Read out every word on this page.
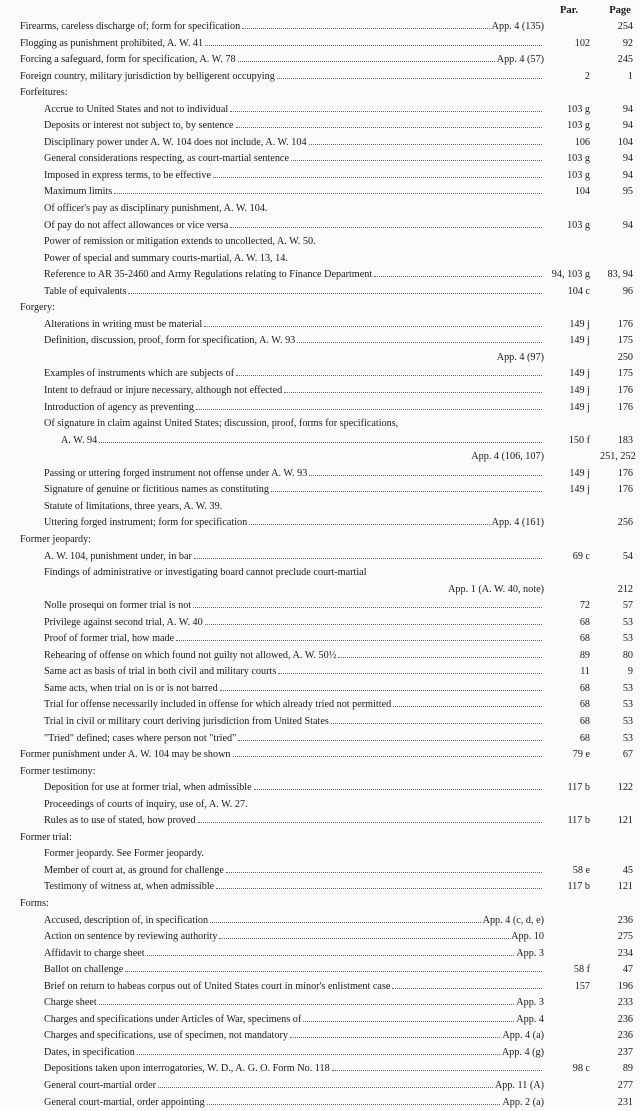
Par.	Page
Firearms, careless discharge of; form for specification	App. 4 (135)	254
Flogging as punishment prohibited, A. W. 41	102	92
Forcing a safeguard, form for specification, A. W. 78	App. 4 (57)	245
Foreign country, military jurisdiction by belligerent occupying	2	1
Forfeitures:
Accrue to United States and not to individual	103 g	94
Deposits or interest not subject to, by sentence	103 g	94
Disciplinary power under A. W. 104 does not include, A. W. 104	106	104
General considerations respecting, as court-martial sentence	103 g	94
Imposed in express terms, to be effective	103 g	94
Maximum limits	104	95
Of officer's pay as disciplinary punishment, A. W. 104.
Of pay do not affect allowances or vice versa	103 g	94
Power of remission or mitigation extends to uncollected, A. W. 50.
Power of special and summary courts-martial, A. W. 13, 14.
Reference to AR 35-2460 and Army Regulations relating to Finance Department	94, 103 g	83, 94
Table of equivalents	104 c	96
Forgery:
Alterations in writing must be material	149 j	176
Definition, discussion, proof, form for specification, A. W. 93	149 j	175
App. 4 (97)	250
Examples of instruments which are subjects of	149 j	175
Intent to defraud or injure necessary, although not effected	149 j	176
Introduction of agency as preventing	149 j	176
Of signature in claim against United States; discussion, proof, forms for specifications,
A. W. 94	150 f	183
App. 4 (106, 107)	251, 252
Passing or uttering forged instrument not offense under A. W. 93	149 j	176
Signature of genuine or fictitious names as constituting	149 j	176
Statute of limitations, three years, A. W. 39.
Uttering forged instrument; form for specification	App. 4 (161)	256
Former jeopardy:
A. W. 104, punishment under, in bar	69 c	54
Findings of administrative or investigating board cannot preclude court-martial
App. 1 (A. W. 40, note)	212
Nolle prosequi on former trial is not	72	57
Privilege against second trial, A. W. 40	68	53
Proof of former trial, how made	68	53
Rehearing of offense on which found not guilty not allowed, A. W. 50½	89	80
Same act as basis of trial in both civil and military courts	11	9
Same acts, when trial on is or is not barred	68	53
Trial for offense necessarily included in offense for which already tried not permitted	68	53
Trial in civil or military court deriving jurisdiction from United States	68	53
"Tried" defined; cases where person not "tried"	68	53
Former punishment under A. W. 104 may be shown	79 e	67
Former testimony:
Deposition for use at former trial, when admissible	117 b	122
Proceedings of courts of inquiry, use of, A. W. 27.
Rules as to use of stated, how proved	117 b	121
Former trial:
Former jeopardy. See Former jeopardy.
Member of court at, as ground for challenge	58 e	45
Testimony of witness at, when admissible	117 b	121
Forms:
Accused, description of, in specification	App. 4 (c, d, e)	236
Action on sentence by reviewing authority	App. 10	275
Affidavit to charge sheet	App. 3	234
Ballot on challenge	58 f	47
Brief on return to habeas corpus out of United States court in minor's enlistment case	157	196
Charge sheet	App. 3	233
Charges and specifications under Articles of War, specimens of	App. 4	236
Charges and specifications, use of specimen, not mandatory	App. 4 (a)	236
Dates, in specification	App. 4 (g)	237
Depositions taken upon interrogatories, W. D., A. G. O. Form No. 118	98 c	89
General court-martial order	App. 11 (A)	277
General court-martial, order appointing	App. 2 (a)	231
